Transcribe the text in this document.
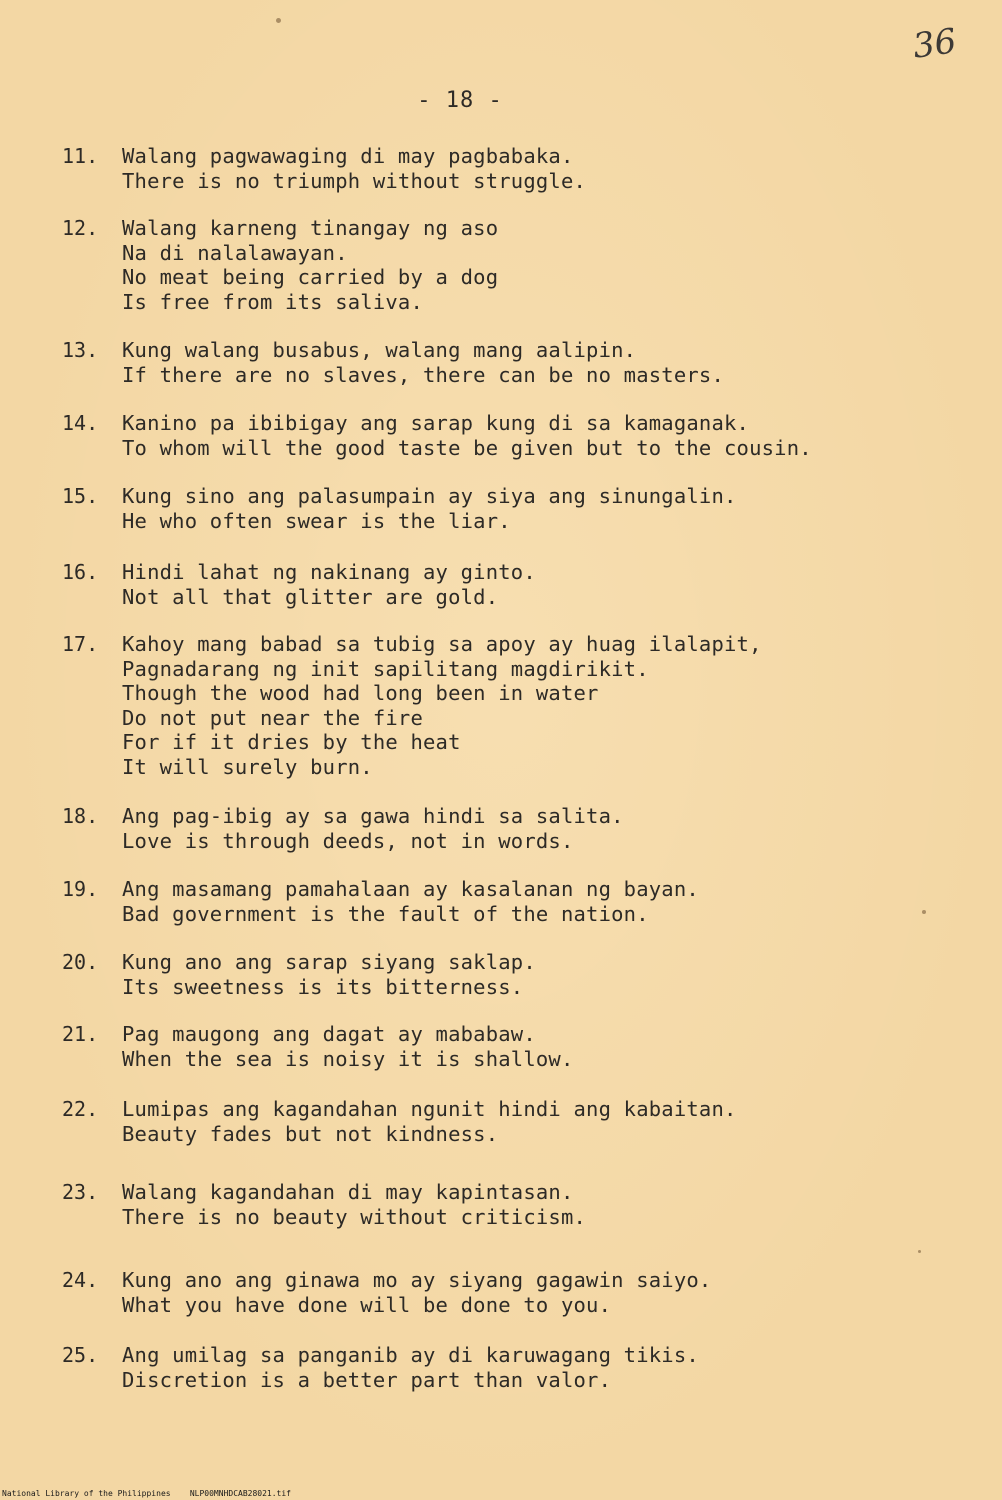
36
- 18 -
11.	Walang pagwawaging di may pagbabaka.
There is no triumph without struggle.
12.	Walang karneng tinangay ng aso
Na di nalalawayan.
No meat being carried by a dog
Is free from its saliva.
13.	Kung walang busabus, walang mang aalipin.
If there are no slaves, there can be no masters.
14.	Kanino pa ibibigay ang sarap kung di sa kamaganak.
To whom will the good taste be given but to the cousin.
15.	Kung sino ang palasumpain ay siya ang sinungalin.
He who often swear is the liar.
16.	Hindi lahat ng nakinang ay ginto.
Not all that glitter are gold.
17.	Kahoy mang babad sa tubig sa apoy ay huag ilalapit,
Pagnadarang ng init sapilitang magdirikit.
Though the wood had long been in water
Do not put near the fire
For if it dries by the heat
It will surely burn.
18.	Ang pag-ibig ay sa gawa hindi sa salita.
Love is through deeds, not in words.
19.	Ang masamang pamahalaan ay kasalanan ng bayan.
Bad government is the fault of the nation.
20.	Kung ano ang sarap siyang saklap.
Its sweetness is its bitterness.
21.	Pag maugong ang dagat ay mababaw.
When the sea is noisy it is shallow.
22.	Lumipas ang kagandahan ngunit hindi ang kabaitan.
Beauty fades but not kindness.
23.	Walang kagandahan di may kapintasan.
There is no beauty without criticism.
24.	Kung ano ang ginawa mo ay siyang gagawin saiyo.
What you have done will be done to you.
25.	Ang umilag sa panganib ay di karuwagang tikis.
Discretion is a better part than valor.
National Library of the Philippines NLP00MNHDCAB28021.tif
